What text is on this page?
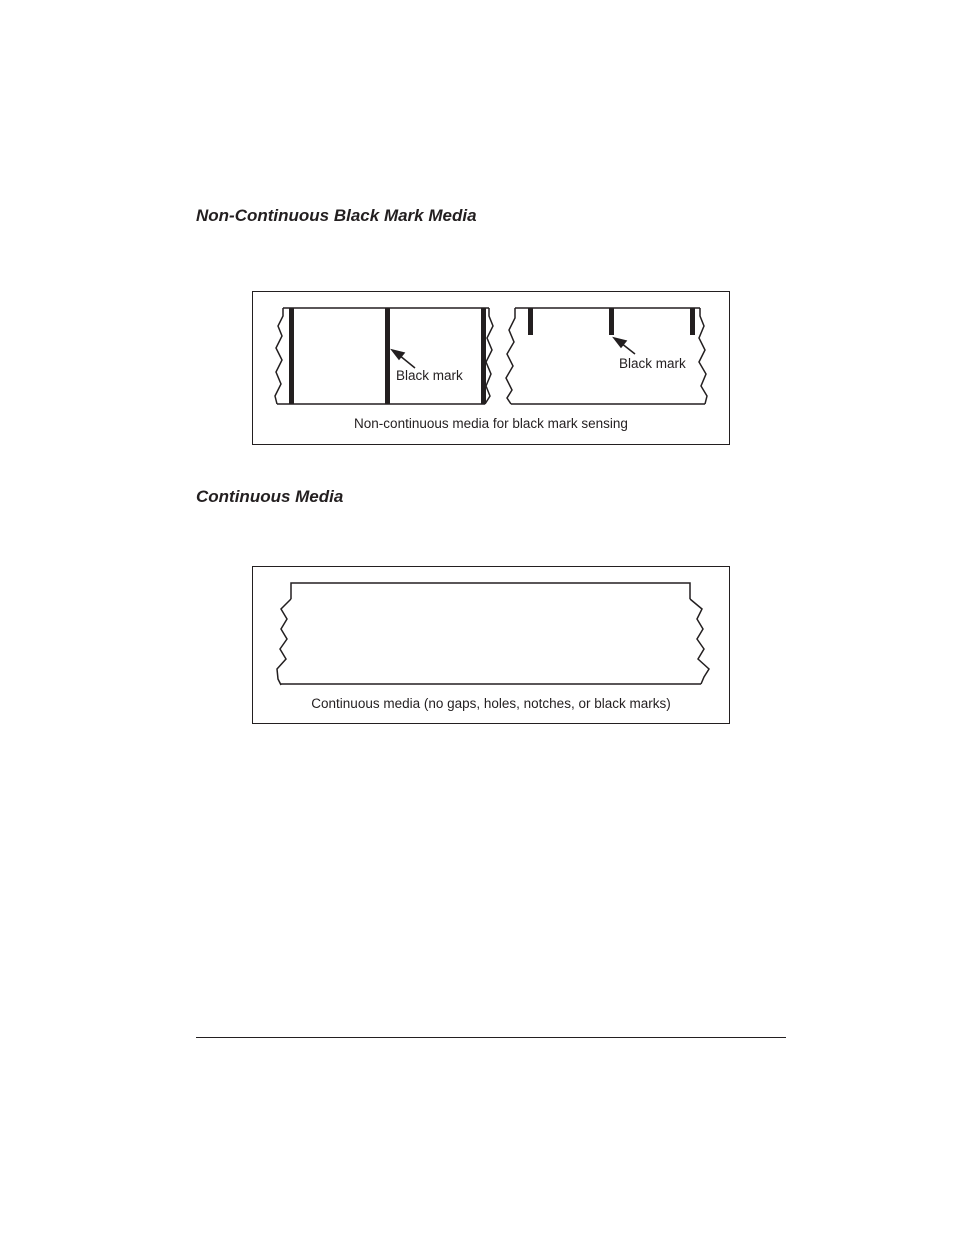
Non-Continuous Black Mark Media
Black mark
Black mark
Non-continuous media for black mark sensing
Continuous Media
Continuous media (no gaps, holes, notches, or black marks)
